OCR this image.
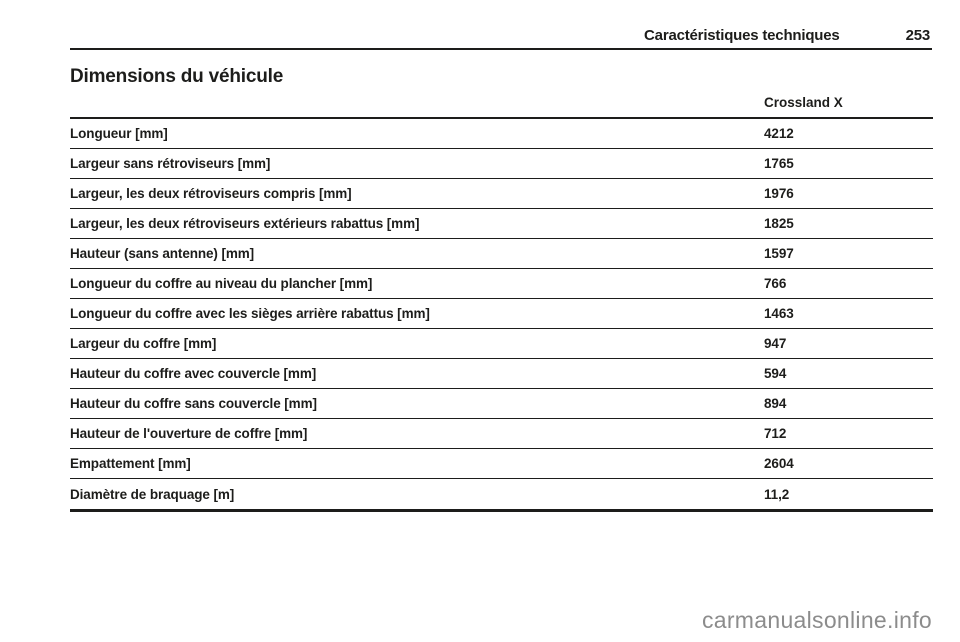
Caractéristiques techniques	253
Dimensions du véhicule
Crossland X
Longueur [mm]	4212
Largeur sans rétroviseurs [mm]	1765
Largeur, les deux rétroviseurs compris [mm]	1976
Largeur, les deux rétroviseurs extérieurs rabattus [mm]	1825
Hauteur (sans antenne) [mm]	1597
Longueur du coffre au niveau du plancher [mm]	766
Longueur du coffre avec les sièges arrière rabattus [mm]	1463
Largeur du coffre [mm]	947
Hauteur du coffre avec couvercle [mm]	594
Hauteur du coffre sans couvercle [mm]	894
Hauteur de l'ouverture de coffre [mm]	712
Empattement [mm]	2604
Diamètre de braquage [m]	11,2
carmanualsonline.info
